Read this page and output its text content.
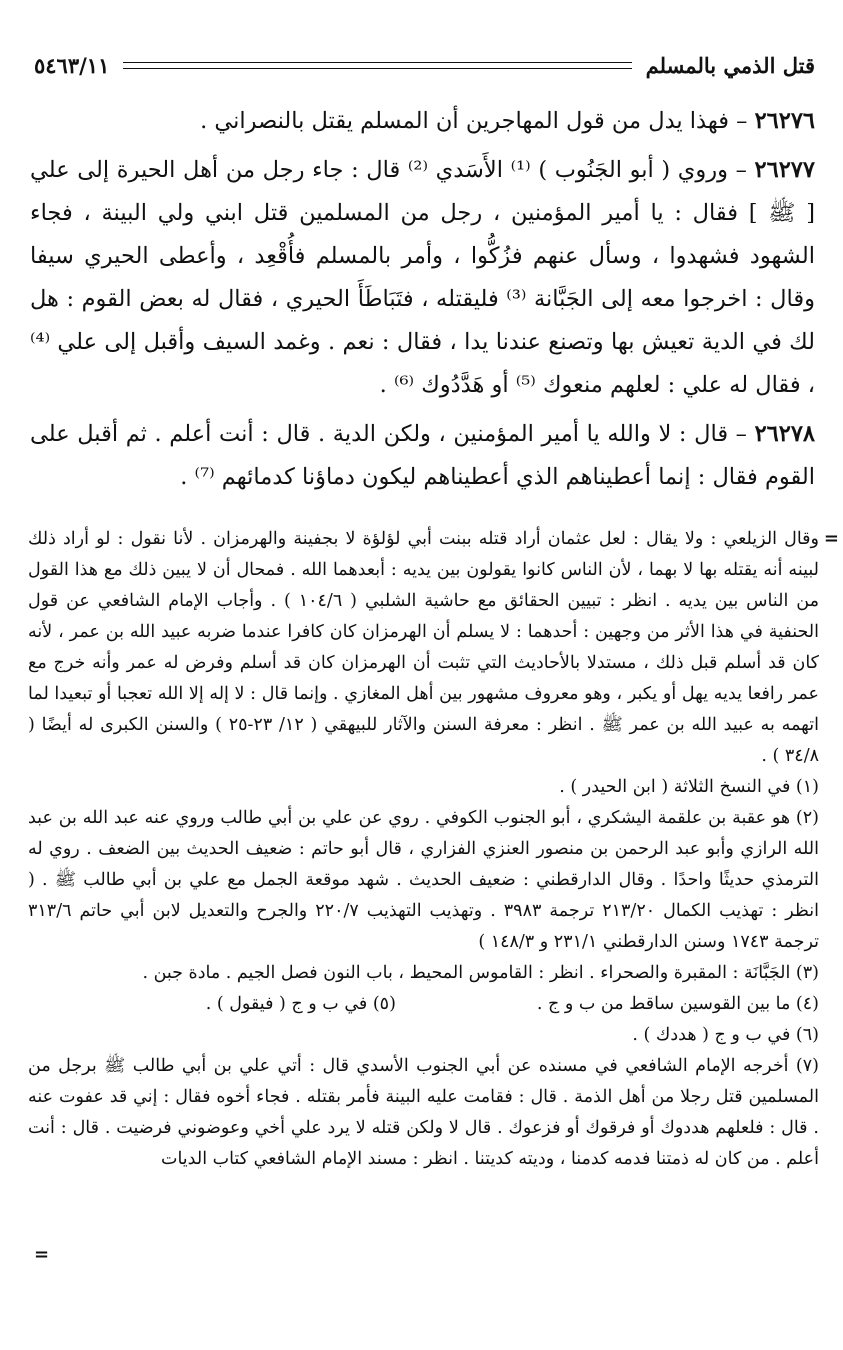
قتل الذمي بالمسلم
٥٤٦٣/١١

٢٦٢٧٦ – فهذا يدل من قول المهاجرين أن المسلم يقتل بالنصراني .

٢٦٢٧٧ – وروي ( أبو الجَنُوب ) ⁽¹⁾ الأَسَدي ⁽²⁾ قال : جاء رجل من أهل الحيرة إلى علي [ ﷺ ] فقال : يا أمير المؤمنين ، رجل من المسلمين قتل ابني ولي البينة ، فجاء الشهود فشهدوا ، وسأل عنهم فزُكُّوا ، وأمر بالمسلم فأُقْعِد ، وأعطى الحيري سيفا وقال : اخرجوا معه إلى الجَبَّانة ⁽³⁾ فليقتله ، فتَبَاطَأَ الحيري ، فقال له بعض القوم : هل لك في الدية تعيش بها وتصنع عندنا يدا ، فقال : نعم . وغمد السيف وأقبل إلى علي ⁽⁴⁾ ، فقال له علي : لعلهم منعوك ⁽⁵⁾ أو هَدَّدُوك ⁽⁶⁾ .

٢٦٢٧٨ – قال : لا والله يا أمير المؤمنين ، ولكن الدية . قال : أنت أعلم . ثم أقبل على القوم فقال : إنما أعطيناهم الذي أعطيناهم ليكون دماؤنا كدمائهم ⁽⁷⁾ .

=

وقال الزيلعي : ولا يقال : لعل عثمان أراد قتله ببنت أبي لؤلؤة لا بجفينة والهرمزان . لأنا نقول : لو أراد ذلك لبينه أنه يقتله بها لا بهما ، لأن الناس كانوا يقولون بين يديه : أبعدهما الله . فمحال أن لا يبين ذلك مع هذا القول من الناس بين يديه . انظر : تبيين الحقائق مع حاشية الشلبي ( ١٠٤/٦ ) . وأجاب الإمام الشافعي عن قول الحنفية في هذا الأثر من وجهين : أحدهما : لا يسلم أن الهرمزان كان كافرا عندما ضربه عبيد الله بن عمر ، لأنه كان قد أسلم قبل ذلك ، مستدلا بالأحاديث التي تثبت أن الهرمزان كان قد أسلم وفرض له عمر وأنه خرج مع عمر رافعا يديه يهل أو يكبر ، وهو معروف مشهور بين أهل المغازي . وإنما قال : لا إله إلا الله تعجبا أو تبعيدا لما اتهمه به عبيد الله بن عمر ﷺ . انظر : معرفة السنن والآثار للبيهقي ( ١٢/ ٢٣-٢٥ ) والسنن الكبرى له أيضًا ( ٣٤/٨ ) .

(١) في النسخ الثلاثة ( ابن الحيدر ) .

(٢) هو عقبة بن علقمة اليشكري ، أبو الجنوب الكوفي . روي عن علي بن أبي طالب وروي عنه عبد الله بن عبد الله الرازي وأبو عبد الرحمن بن منصور العنزي الفزاري ، قال أبو حاتم : ضعيف الحديث بين الضعف . روي له الترمذي حديثًا واحدًا . وقال الدارقطني : ضعيف الحديث . شهد موقعة الجمل مع علي بن أبي طالب ﷺ . ( انظر : تهذيب الكمال ٢١٣/٢٠ ترجمة ٣٩٨٣ . وتهذيب التهذيب ٢٢٠/٧ والجرح والتعديل لابن أبي حاتم ٣١٣/٦ ترجمة ١٧٤٣ وسنن الدارقطني ٢٣١/١ و ١٤٨/٣ )

(٣) الجَبَّانَة : المقبرة والصحراء . انظر : القاموس المحيط ، باب النون فصل الجيم . مادة جبن .

(٤) ما بين القوسين ساقط من ب و ج .
(٥) في ب و ج ( فيقول ) .

(٦) في ب و ج ( هددك ) .

(٧) أخرجه الإمام الشافعي في مسنده عن أبي الجنوب الأسدي قال : أتي علي بن أبي طالب ﷺ برجل من المسلمين قتل رجلا من أهل الذمة . قال : فقامت عليه البينة فأمر بقتله . فجاء أخوه فقال : إني قد عفوت عنه . قال : فلعلهم هددوك أو فرقوك أو فزعوك . قال لا ولكن قتله لا يرد علي أخي وعوضوني فرضيت . قال : أنت أعلم . من كان له ذمتنا فدمه كدمنا ، وديته كديتنا . انظر : مسند الإمام الشافعي كتاب الديات

=
